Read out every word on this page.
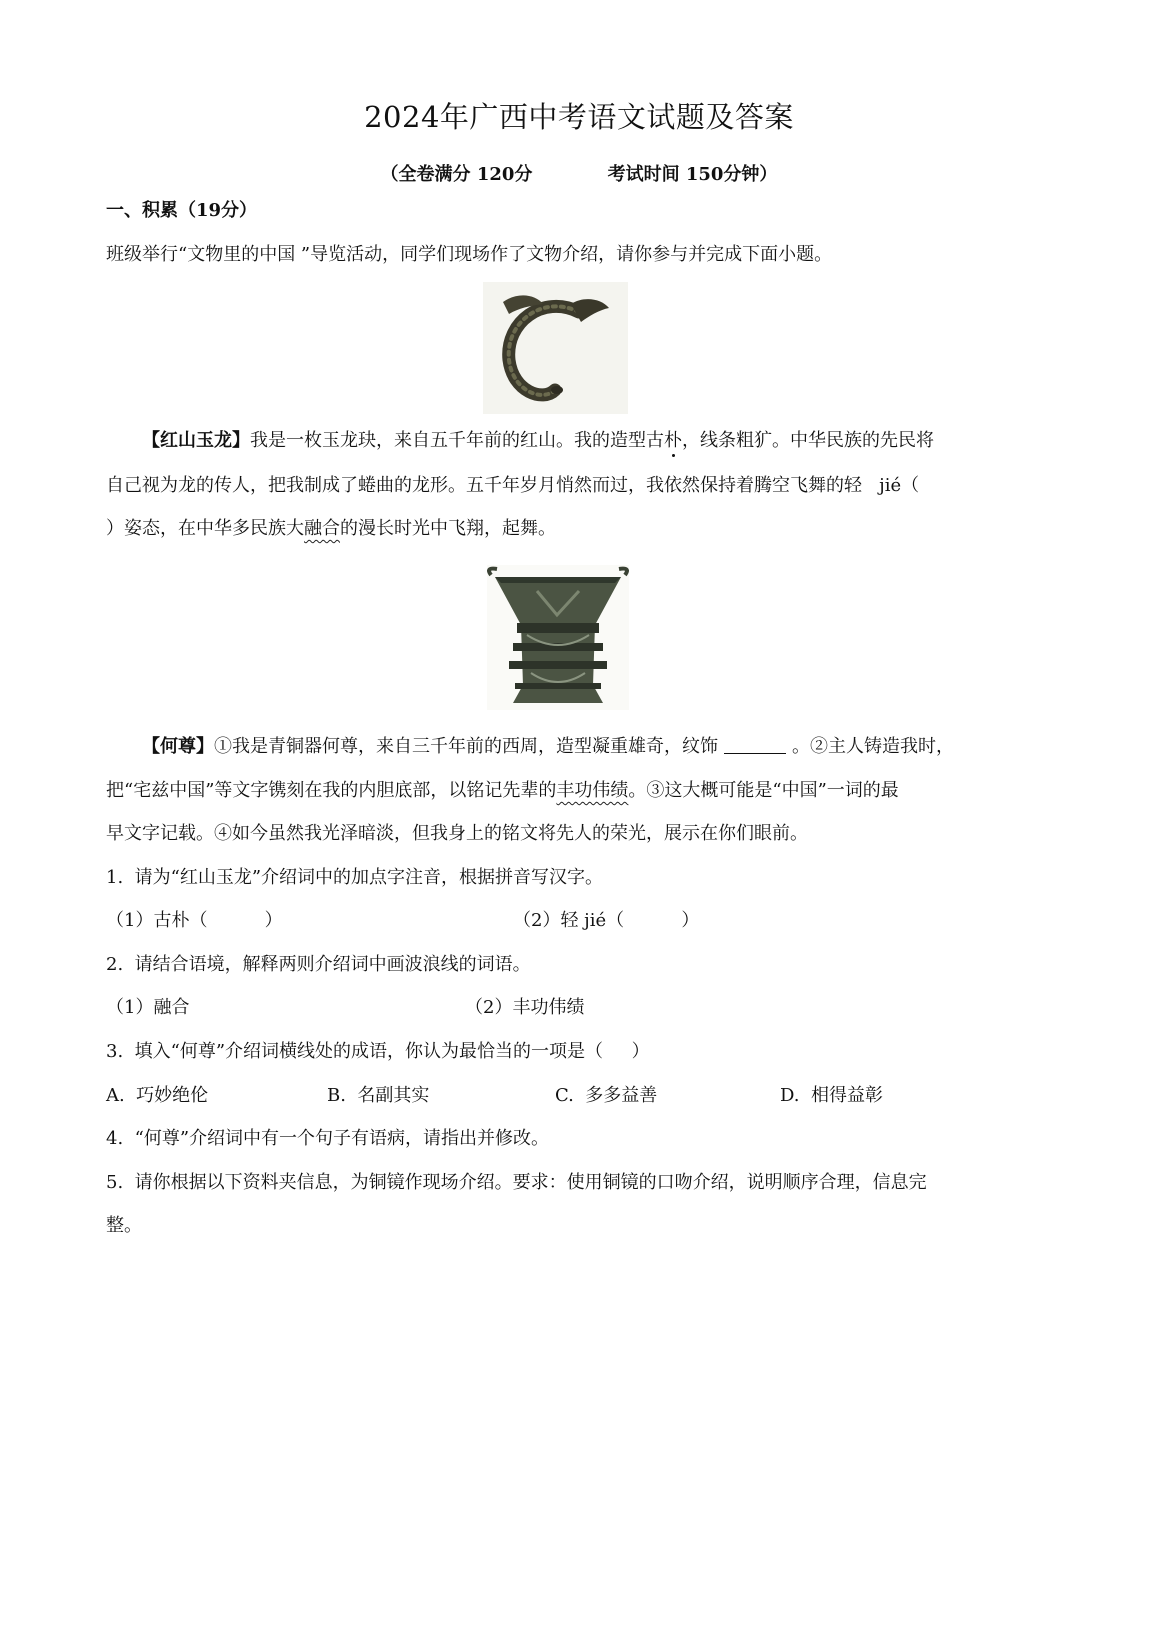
2024年广西中考语文试题及答案
（全卷满分 120分            考试时间 150分钟）
一、积累（19分）
班级举行“文物里的中国 ”导览活动，同学们现场作了文物介绍，请你参与并完成下面小题。
【红山玉龙】我是一枚玉龙玦，来自五千年前的红山。我的造型古朴，线条粗犷。中华民族的先民将
自己视为龙的传人，把我制成了蜷曲的龙形。五千年岁月悄然而过，我依然保持着腾空飞舞的轻   jié（
）姿态，在中华多民族大融合的漫长时光中飞翔，起舞。
【何尊】①我是青铜器何尊，来自三千年前的西周，造型凝重雄奇，纹饰	。②主人铸造我时，
把“宅兹中国”等文字镌刻在我的内胆底部，以铭记先辈的丰功伟绩。③这大概可能是“中国”一词的最
早文字记载。④如今虽然我光泽暗淡，但我身上的铭文将先人的荣光，展示在你们眼前。
1.  请为“红山玉龙”介绍词中的加点字注音，根据拼音写汉字。
（1）古朴（          ）	（2）轻 jié（          ）
2.  请结合语境，解释两则介绍词中画波浪线的词语。
（1）融合	（2）丰功伟绩
3.  填入“何尊”介绍词横线处的成语，你认为最恰当的一项是（     ）
A.  巧妙绝伦	B.  名副其实	C.  多多益善	D.  相得益彰
4.  “何尊”介绍词中有一个句子有语病，请指出并修改。
5.  请你根据以下资料夹信息，为铜镜作现场介绍。要求：使用铜镜的口吻介绍，说明顺序合理，信息完
整。
